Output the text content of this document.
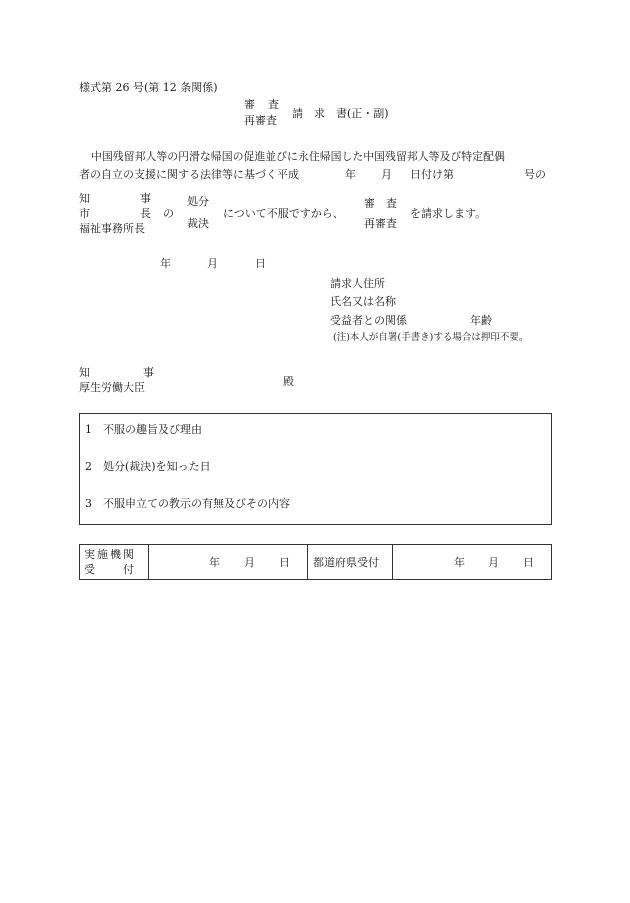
様式第 26 号(第 12 条関係)
審　査
再審査
請　求　書(正・副)
中国残留邦人等の円滑な帰国の促進並びに永住帰国した中国残留邦人等及び特定配偶
者の自立の支援に関する法律等に基づく平成	年 月 日付け第	号の
知	事
市	長
福祉事務所長
の
処分
裁決
について不服ですから、
審　査
再審査
を請求します。
年	月	日
請求人住所
氏名又は名称
受益者との関係	年齢
(注)本人が自署(手書き)する場合は押印不要。
知	事
厚生労働大臣	殿
1　不服の趣旨及び理由
2　処分(裁決)を知った日
3　不服申立ての教示の有無及びその内容
実施機関
受　　付
年 月 日 都道府県受付	年 月 日
